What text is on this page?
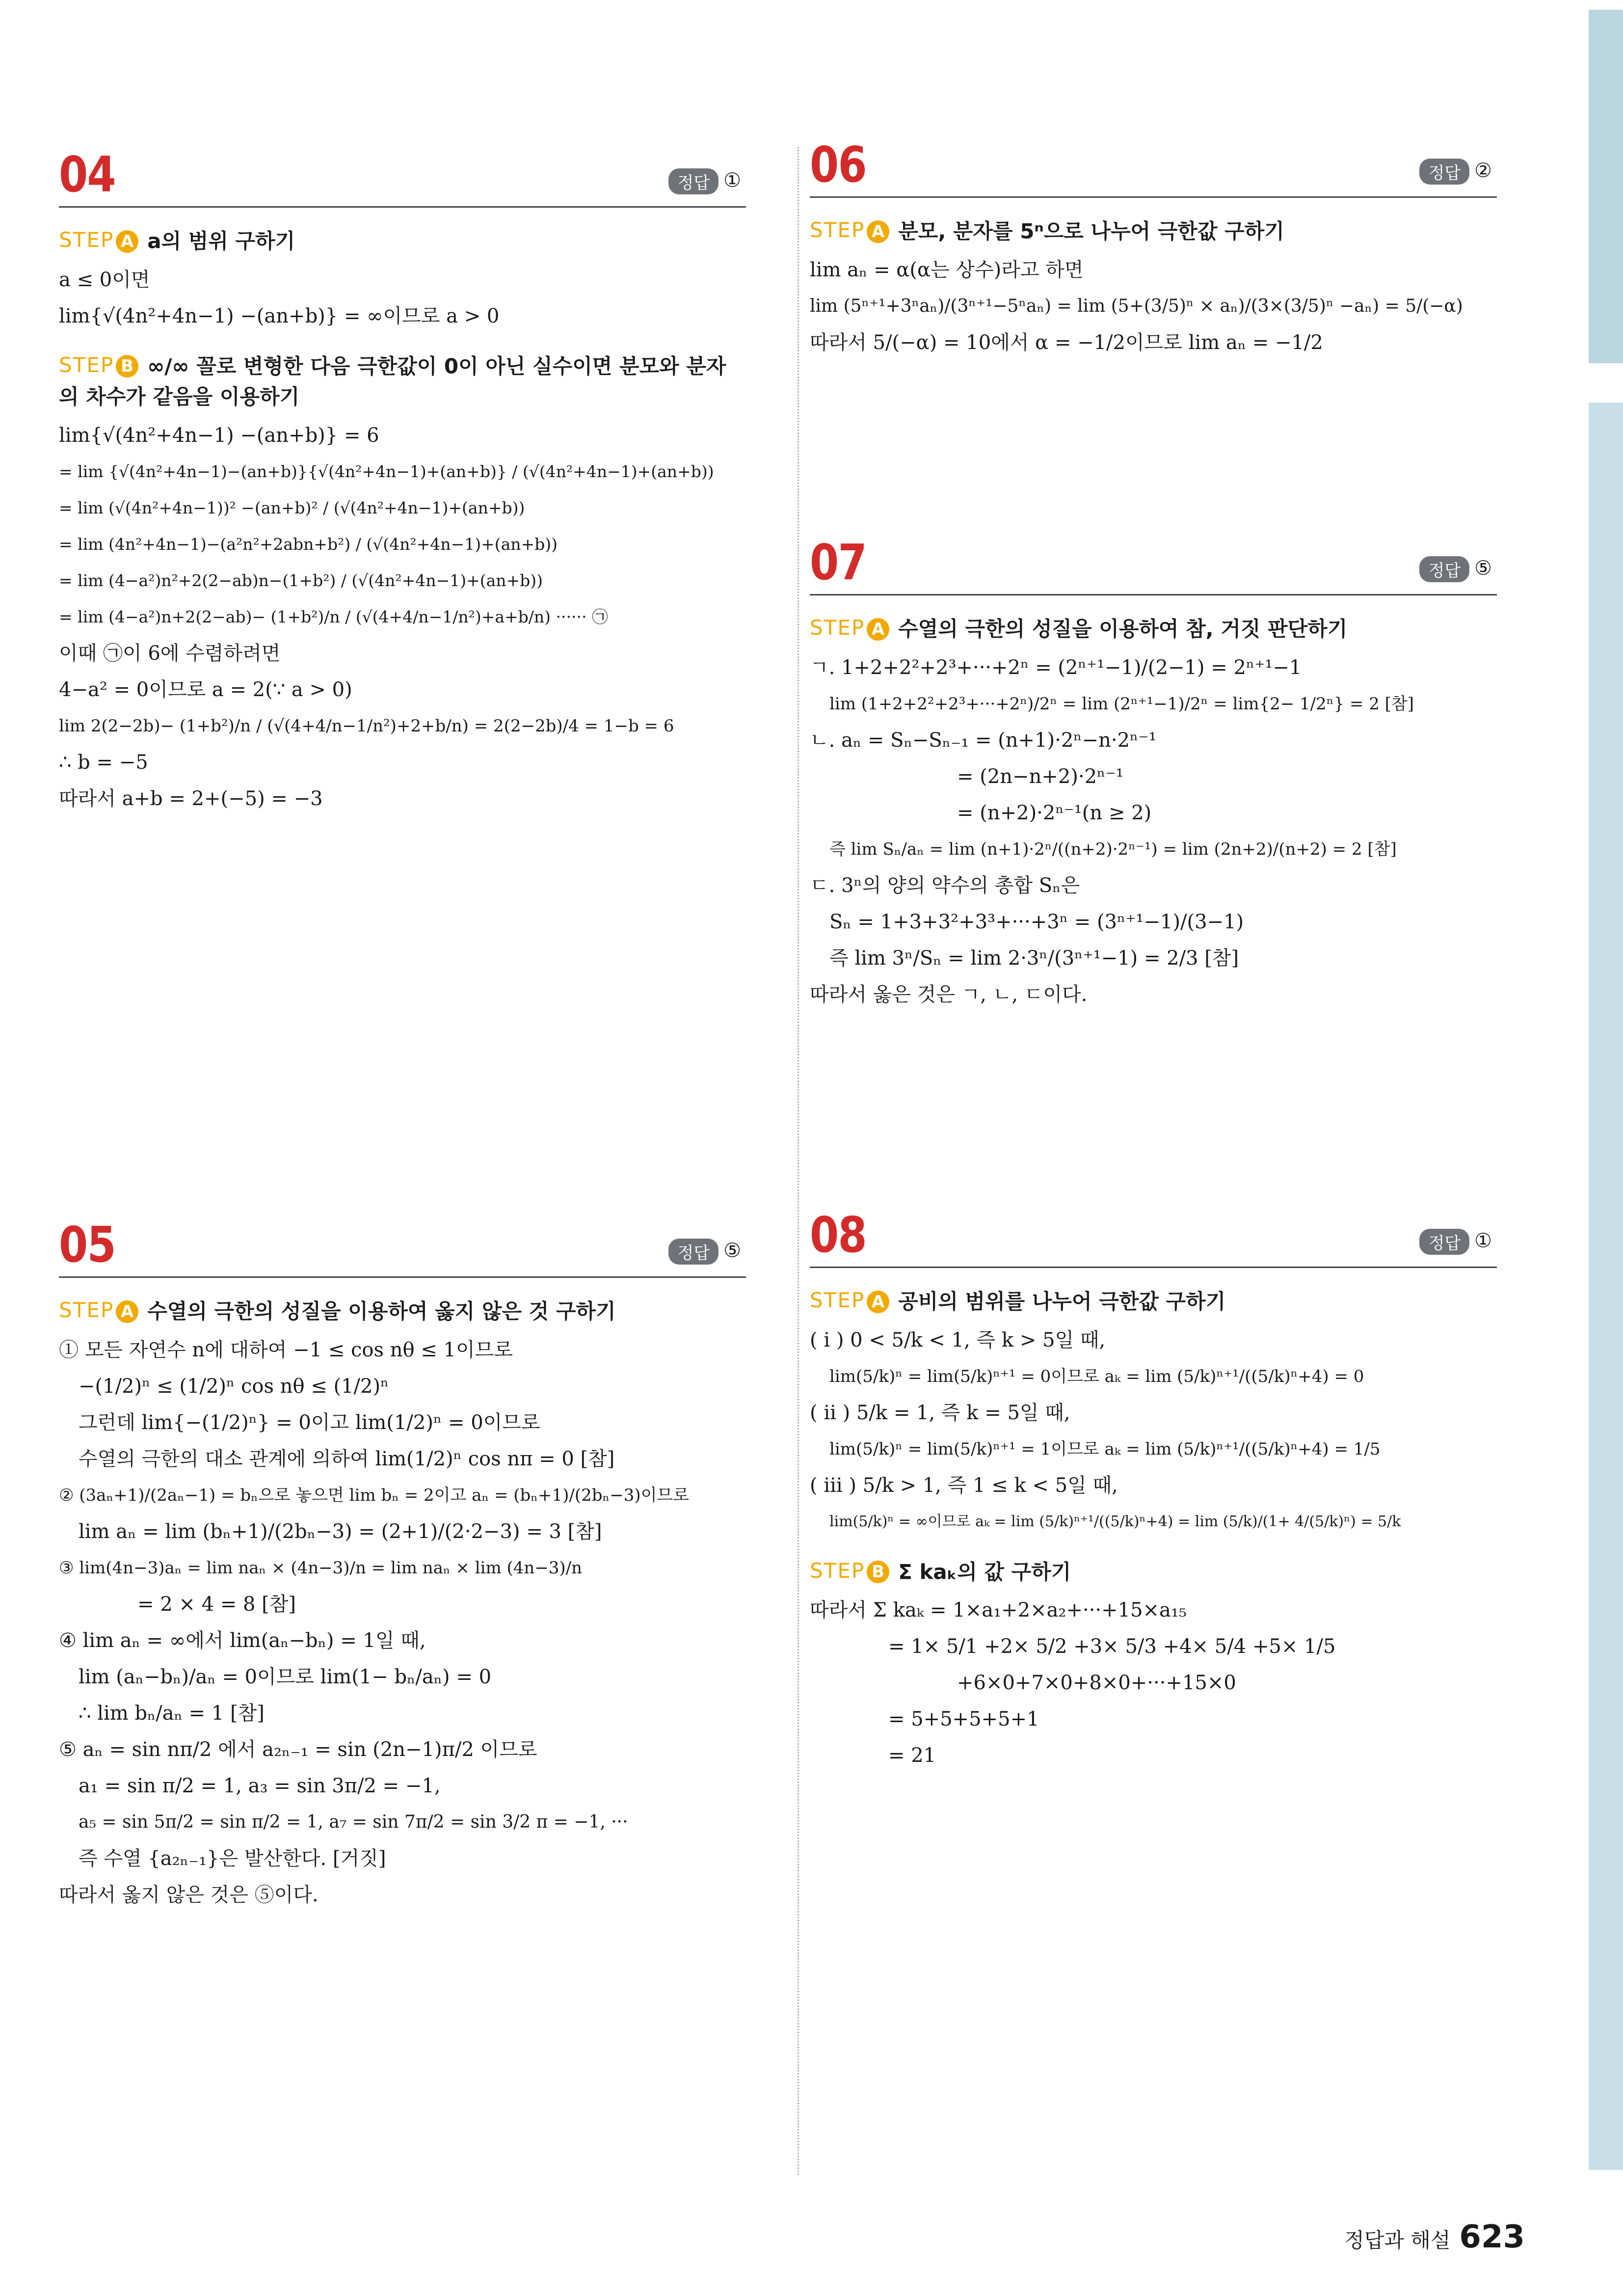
04	정답 ①
STEP A a의 범위 구하기
a ≤ 0이면
lim{√(4n²+4n−1) −(an+b)} = ∞이므로 a > 0
STEP B ∞/∞ 꼴로 변형한 다음 극한값이 0이 아닌 실수이면 분모와 분자의 차수가 같음을 이용하기
lim{√(4n²+4n−1) −(an+b)} = 6
= lim {√(4n²+4n−1)−(an+b)}{√(4n²+4n−1)+(an+b)} / (√(4n²+4n−1)+(an+b))
= lim (√(4n²+4n−1))² −(an+b)² / (√(4n²+4n−1)+(an+b))
= lim (4n²+4n−1)−(a²n²+2abn+b²) / (√(4n²+4n−1)+(an+b))
= lim (4−a²)n²+2(2−ab)n−(1+b²) / (√(4n²+4n−1)+(an+b))
= lim (4−a²)n+2(2−ab)− (1+b²)/n / (√(4+4/n−1/n²)+a+b/n) ······ ㉠
이때 ㉠이 6에 수렴하려면
4−a² = 0이므로 a = 2(∵ a > 0)
lim 2(2−2b)− (1+b²)/n / (√(4+4/n−1/n²)+2+b/n) = 2(2−2b)/4 = 1−b = 6
∴ b = −5
따라서 a+b = 2+(−5) = −3
05	정답 ⑤
STEP A 수열의 극한의 성질을 이용하여 옳지 않은 것 구하기
① 모든 자연수 n에 대하여 −1 ≤ cos nθ ≤ 1이므로
−(1/2)ⁿ ≤ (1/2)ⁿ cos nθ ≤ (1/2)ⁿ
그런데 lim{−(1/2)ⁿ} = 0이고 lim(1/2)ⁿ = 0이므로
수열의 극한의 대소 관계에 의하여 lim(1/2)ⁿ cos nπ = 0 [참]
② (3aₙ+1)/(2aₙ−1) = bₙ으로 놓으면 lim bₙ = 2이고 aₙ = (bₙ+1)/(2bₙ−3)이므로
lim aₙ = lim (bₙ+1)/(2bₙ−3) = (2+1)/(2·2−3) = 3 [참]
③ lim(4n−3)aₙ = lim naₙ × (4n−3)/n = lim naₙ × lim (4n−3)/n
= 2 × 4 = 8 [참]
④ lim aₙ = ∞에서 lim(aₙ−bₙ) = 1일 때,
lim (aₙ−bₙ)/aₙ = 0이므로 lim(1− bₙ/aₙ) = 0
∴ lim bₙ/aₙ = 1 [참]
⑤ aₙ = sin nπ/2 에서 a₂ₙ₋₁ = sin (2n−1)π/2 이므로
a₁ = sin π/2 = 1, a₃ = sin 3π/2 = −1,
a₅ = sin 5π/2 = sin π/2 = 1, a₇ = sin 7π/2 = sin 3/2 π = −1, ···
즉 수열 {a₂ₙ₋₁}은 발산한다. [거짓]
따라서 옳지 않은 것은 ⑤이다.
06	정답 ②
STEP A 분모, 분자를 5ⁿ으로 나누어 극한값 구하기
lim aₙ = α(α는 상수)라고 하면
lim (5ⁿ⁺¹+3ⁿaₙ)/(3ⁿ⁺¹−5ⁿaₙ) = lim (5+(3/5)ⁿ × aₙ)/(3×(3/5)ⁿ −aₙ) = 5/(−α)
따라서 5/(−α) = 10에서 α = −1/2이므로 lim aₙ = −1/2
07	정답 ⑤
STEP A 수열의 극한의 성질을 이용하여 참, 거짓 판단하기
ㄱ. 1+2+2²+2³+···+2ⁿ = (2ⁿ⁺¹−1)/(2−1) = 2ⁿ⁺¹−1
lim (1+2+2²+2³+···+2ⁿ)/2ⁿ = lim (2ⁿ⁺¹−1)/2ⁿ = lim{2− 1/2ⁿ} = 2 [참]
ㄴ. aₙ = Sₙ−Sₙ₋₁ = (n+1)·2ⁿ−n·2ⁿ⁻¹
= (2n−n+2)·2ⁿ⁻¹
= (n+2)·2ⁿ⁻¹(n ≥ 2)
즉 lim Sₙ/aₙ = lim (n+1)·2ⁿ/((n+2)·2ⁿ⁻¹) = lim (2n+2)/(n+2) = 2 [참]
ㄷ. 3ⁿ의 양의 약수의 총합 Sₙ은
Sₙ = 1+3+3²+3³+···+3ⁿ = (3ⁿ⁺¹−1)/(3−1)
즉 lim 3ⁿ/Sₙ = lim 2·3ⁿ/(3ⁿ⁺¹−1) = 2/3 [참]
따라서 옳은 것은 ㄱ, ㄴ, ㄷ이다.
08	정답 ①
STEP A 공비의 범위를 나누어 극한값 구하기
( i ) 0 < 5/k < 1, 즉 k > 5일 때,
lim(5/k)ⁿ = lim(5/k)ⁿ⁺¹ = 0이므로 aₖ = lim (5/k)ⁿ⁺¹/((5/k)ⁿ+4) = 0
( ii ) 5/k = 1, 즉 k = 5일 때,
lim(5/k)ⁿ = lim(5/k)ⁿ⁺¹ = 1이므로 aₖ = lim (5/k)ⁿ⁺¹/((5/k)ⁿ+4) = 1/5
( iii ) 5/k > 1, 즉 1 ≤ k < 5일 때,
lim(5/k)ⁿ = ∞이므로 aₖ = lim (5/k)ⁿ⁺¹/((5/k)ⁿ+4) = lim (5/k)/(1+ 4/(5/k)ⁿ) = 5/k
STEP B Σ kaₖ의 값 구하기
따라서 Σ kaₖ = 1×a₁+2×a₂+···+15×a₁₅
= 1× 5/1 +2× 5/2 +3× 5/3 +4× 5/4 +5× 1/5
+6×0+7×0+8×0+···+15×0
= 5+5+5+5+1
= 21
정답과 해설 623
